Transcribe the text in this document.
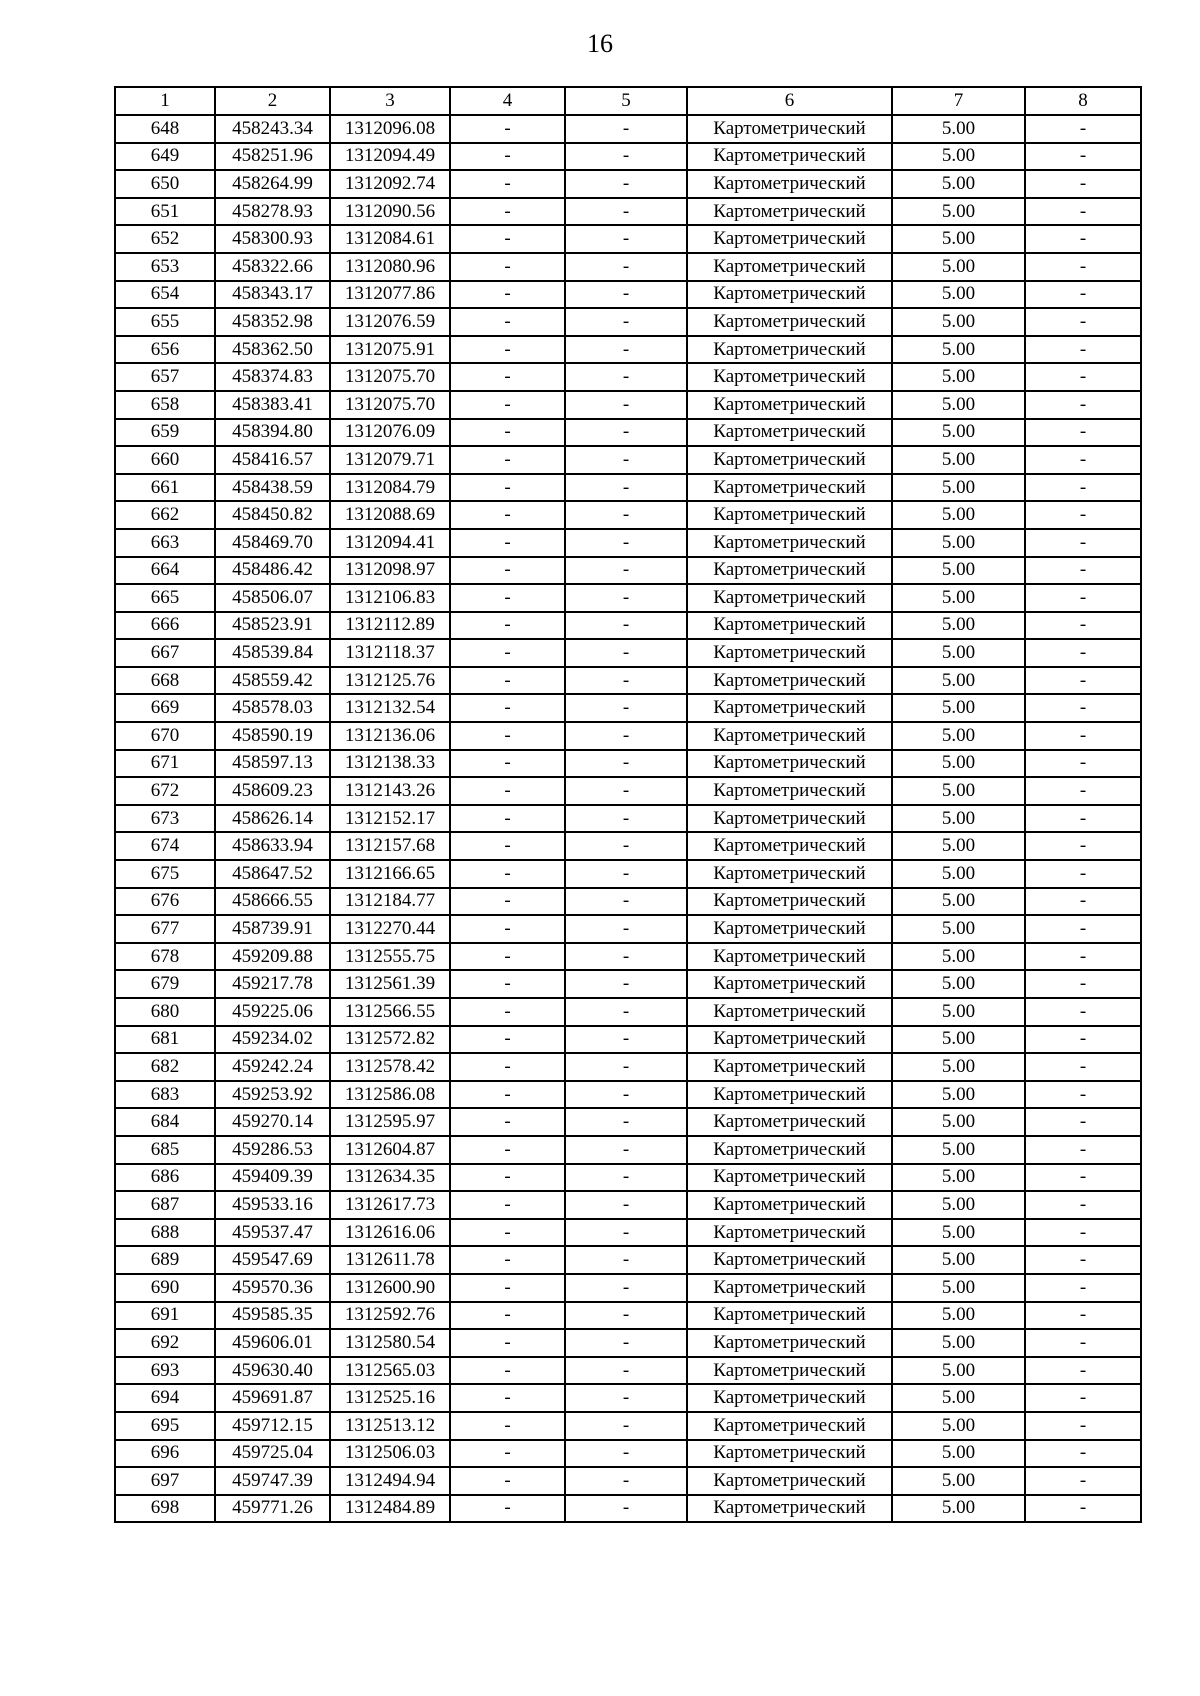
16
1	2	3	4	5	6	7	8
648	458243.34	1312096.08	-	-	Картометрический	5.00	-
649	458251.96	1312094.49	-	-	Картометрический	5.00	-
650	458264.99	1312092.74	-	-	Картометрический	5.00	-
651	458278.93	1312090.56	-	-	Картометрический	5.00	-
652	458300.93	1312084.61	-	-	Картометрический	5.00	-
653	458322.66	1312080.96	-	-	Картометрический	5.00	-
654	458343.17	1312077.86	-	-	Картометрический	5.00	-
655	458352.98	1312076.59	-	-	Картометрический	5.00	-
656	458362.50	1312075.91	-	-	Картометрический	5.00	-
657	458374.83	1312075.70	-	-	Картометрический	5.00	-
658	458383.41	1312075.70	-	-	Картометрический	5.00	-
659	458394.80	1312076.09	-	-	Картометрический	5.00	-
660	458416.57	1312079.71	-	-	Картометрический	5.00	-
661	458438.59	1312084.79	-	-	Картометрический	5.00	-
662	458450.82	1312088.69	-	-	Картометрический	5.00	-
663	458469.70	1312094.41	-	-	Картометрический	5.00	-
664	458486.42	1312098.97	-	-	Картометрический	5.00	-
665	458506.07	1312106.83	-	-	Картометрический	5.00	-
666	458523.91	1312112.89	-	-	Картометрический	5.00	-
667	458539.84	1312118.37	-	-	Картометрический	5.00	-
668	458559.42	1312125.76	-	-	Картометрический	5.00	-
669	458578.03	1312132.54	-	-	Картометрический	5.00	-
670	458590.19	1312136.06	-	-	Картометрический	5.00	-
671	458597.13	1312138.33	-	-	Картометрический	5.00	-
672	458609.23	1312143.26	-	-	Картометрический	5.00	-
673	458626.14	1312152.17	-	-	Картометрический	5.00	-
674	458633.94	1312157.68	-	-	Картометрический	5.00	-
675	458647.52	1312166.65	-	-	Картометрический	5.00	-
676	458666.55	1312184.77	-	-	Картометрический	5.00	-
677	458739.91	1312270.44	-	-	Картометрический	5.00	-
678	459209.88	1312555.75	-	-	Картометрический	5.00	-
679	459217.78	1312561.39	-	-	Картометрический	5.00	-
680	459225.06	1312566.55	-	-	Картометрический	5.00	-
681	459234.02	1312572.82	-	-	Картометрический	5.00	-
682	459242.24	1312578.42	-	-	Картометрический	5.00	-
683	459253.92	1312586.08	-	-	Картометрический	5.00	-
684	459270.14	1312595.97	-	-	Картометрический	5.00	-
685	459286.53	1312604.87	-	-	Картометрический	5.00	-
686	459409.39	1312634.35	-	-	Картометрический	5.00	-
687	459533.16	1312617.73	-	-	Картометрический	5.00	-
688	459537.47	1312616.06	-	-	Картометрический	5.00	-
689	459547.69	1312611.78	-	-	Картометрический	5.00	-
690	459570.36	1312600.90	-	-	Картометрический	5.00	-
691	459585.35	1312592.76	-	-	Картометрический	5.00	-
692	459606.01	1312580.54	-	-	Картометрический	5.00	-
693	459630.40	1312565.03	-	-	Картометрический	5.00	-
694	459691.87	1312525.16	-	-	Картометрический	5.00	-
695	459712.15	1312513.12	-	-	Картометрический	5.00	-
696	459725.04	1312506.03	-	-	Картометрический	5.00	-
697	459747.39	1312494.94	-	-	Картометрический	5.00	-
698	459771.26	1312484.89	-	-	Картометрический	5.00	-
